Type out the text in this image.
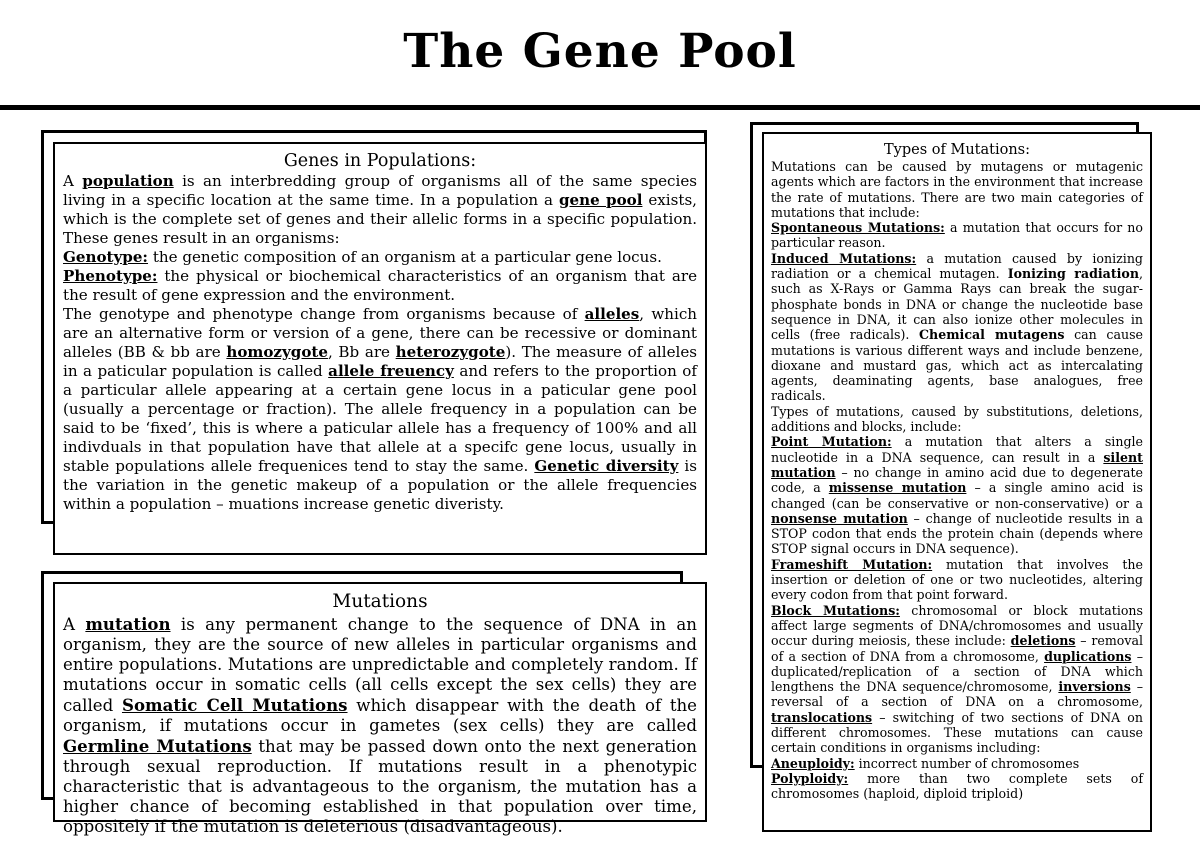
The Gene Pool
Genes in Populations:

A population is an interbredding group of organisms all of the same species living in a specific location at the same time. In a population a gene pool exists, which is the complete set of genes and their allelic forms in a specific population. These genes result in an organisms:

Genotype: the genetic composition of an organism at a particular gene locus.

Phenotype: the physical or biochemical characteristics of an organism that are the result of gene expression and the environment.

The genotype and phenotype change from organisms because of alleles, which are an alternative form or version of a gene, there can be recessive or dominant alleles (BB & bb are homozygote, Bb are heterozygote). The measure of alleles in a paticular population is called allele freuency and refers to the proportion of a particular allele appearing at a certain gene locus in a paticular gene pool (usually a percentage or fraction). The allele frequency in a population can be said to be ‘fixed’, this is where a paticular allele has a frequency of 100% and all indivduals in that population have that allele at a specifc gene locus, usually in stable populations allele frequenices tend to stay the same. Genetic diversity is the variation in the genetic makeup of a population or the allele frequencies within a population – muations increase genetic diveristy.

Mutations

A mutation is any permanent change to the sequence of DNA in an organism, they are the source of new alleles in particular organisms and entire populations. Mutations are unpredictable and completely random. If mutations occur in somatic cells (all cells except the sex cells) they are called Somatic Cell Mutations which disappear with the death of the organism, if mutations occur in gametes (sex cells) they are called Germline Mutations that may be passed down onto the next generation through sexual reproduction. If mutations result in a phenotypic characteristic that is advantageous to the organism, the mutation has a higher chance of becoming established in that population over time, oppositely if the mutation is deleterious (disadvantageous).

Types of Mutations:

Mutations can be caused by mutagens or mutagenic agents which are factors in the environment that increase the rate of mutations. There are two main categories of mutations that include:

Spontaneous Mutations: a mutation that occurs for no particular reason.

Induced Mutations: a mutation caused by ionizing radiation or a chemical mutagen. Ionizing radiation, such as X-Rays or Gamma Rays can break the sugar-phosphate bonds in DNA or change the nucleotide base sequence in DNA, it can also ionize other molecules in cells (free radicals). Chemical mutagens can cause mutations is various different ways and include benzene, dioxane and mustard gas, which act as intercalating agents, deaminating agents, base analogues, free radicals.

Types of mutations, caused by substitutions, deletions, additions and blocks, include:

Point Mutation: a mutation that alters a single nucleotide in a DNA sequence, can result in a silent mutation – no change in amino acid due to degenerate code, a missense mutation – a single amino acid is changed (can be conservative or non-conservative) or a nonsense mutation – change of nucleotide results in a STOP codon that ends the protein chain (depends where STOP signal occurs in DNA sequence).

Frameshift Mutation: mutation that involves the insertion or deletion of one or two nucleotides, altering every codon from that point forward.

Block Mutations: chromosomal or block mutations affect large segments of DNA/chromosomes and usually occur during meiosis, these include: deletions – removal of a section of DNA from a chromosome, duplications – duplicated/replication of a section of DNA which lengthens the DNA sequence/chromosome, inversions – reversal of a section of DNA on a chromosome, translocations – switching of two sections of DNA on different chromosomes. These mutations can cause certain conditions in organisms including:

Aneuploidy: incorrect number of chromosomes

Polyploidy: more than two complete sets of chromosomes (haploid, diploid triploid)
